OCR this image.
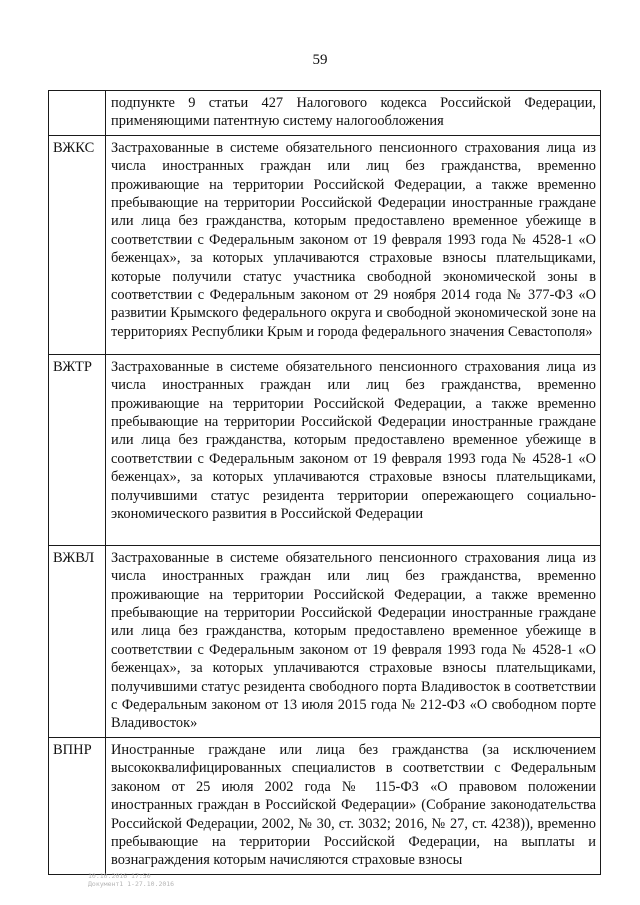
59
	подпункте 9 статьи 427 Налогового кодекса Российской Федерации, применяющими патентную систему налогообложения
ВЖКС	Застрахованные в системе обязательного пенсионного страхования лица из числа иностранных граждан или лиц без гражданства, временно проживающие на территории Российской Федерации, а также временно пребывающие на территории Российской Федерации иностранные граждане или лица без гражданства, которым предоставлено временное убежище в соответствии с Федеральным законом от 19 февраля 1993 года № 4528-1 «О беженцах», за которых уплачиваются страховые взносы плательщиками, которые получили статус участника свободной экономической зоны в соответствии с Федеральным законом от 29 ноября 2014 года № 377-ФЗ «О развитии Крымского федерального округа и свободной экономической зоне на территориях Республики Крым и города федерального значения Севастополя»
ВЖТР	Застрахованные в системе обязательного пенсионного страхования лица из числа иностранных граждан или лиц без гражданства, временно проживающие на территории Российской Федерации, а также временно пребывающие на территории Российской Федерации иностранные граждане или лица без гражданства, которым предоставлено временное убежище в соответствии с Федеральным законом от 19 февраля 1993 года № 4528-1 «О беженцах», за которых уплачиваются страховые взносы плательщиками, получившими статус резидента территории опережающего социально-экономического развития в Российской Федерации
ВЖВЛ	Застрахованные в системе обязательного пенсионного страхования лица из числа иностранных граждан или лиц без гражданства, временно проживающие на территории Российской Федерации, а также временно пребывающие на территории Российской Федерации иностранные граждане или лица без гражданства, которым предоставлено временное убежище в соответствии с Федеральным законом от 19 февраля 1993 года № 4528-1 «О беженцах», за которых уплачиваются страховые взносы плательщиками, получившими статус резидента свободного порта Владивосток в соответствии с Федеральным законом от 13 июля 2015 года № 212-ФЗ «О свободном порте Владивосток»
ВПНР	Иностранные граждане или лица без гражданства (за исключением высококвалифицированных специалистов в соответствии с Федеральным законом от 25 июля 2002 года № 115-ФЗ «О правовом положении иностранных граждан в Российской Федерации» (Собрание законодательства Российской Федерации, 2002, № 30, ст. 3032; 2016, № 27, ст. 4238)), временно пребывающие на территории Российской Федерации, на выплаты и вознаграждения которым начисляются страховые взносы
10.10.2016 17:50
Документ1 1-27.10.2016
